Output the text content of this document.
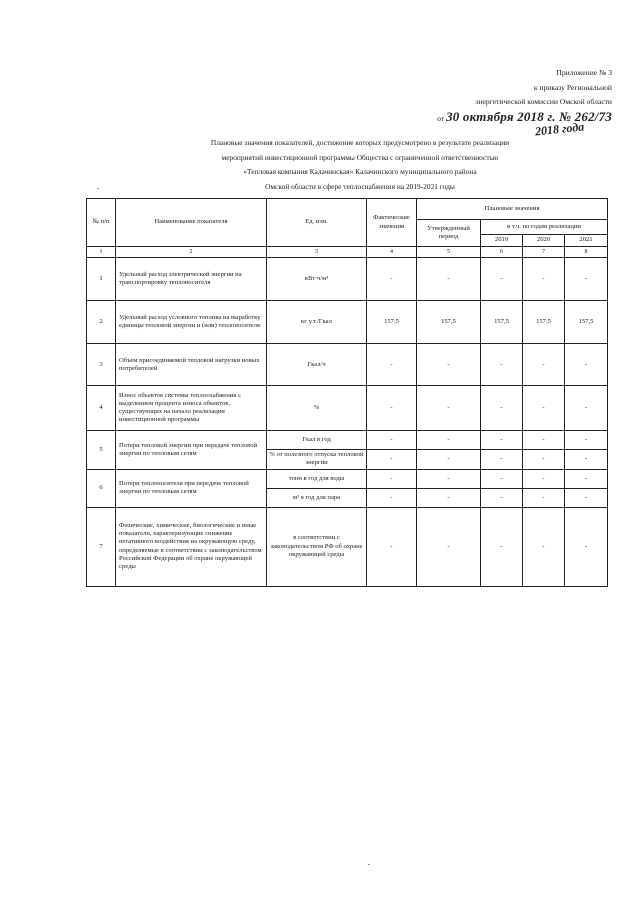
Приложение № 3
к приказу Региональной
энергетической комиссии Омской области
от 30 октября 2018 г. № 262/73
2018 года
Плановые значения показателей, достижение которых предусмотрено в результате реализации
мероприятий инвестиционной программы Общества с ограниченной ответственностью
«Тепловая компания Калачинская» Калачинского муниципального района
Омской области в сфере теплоснабжения на 2019-2021 годы
№ п/п	Наименование показателя	Ед. изм.	Фактические значения	Плановые значения			
				Утвержденный период	в т.ч. по годам реализации		
					2019	2020	2021
1	2	3	4	5	6	7	8
1	Удельный расход электрической энергии на транспортировку теплоносителя	кВт ч/м³	-	-	-	-	-
2	Удельный расход условного топлива на выработку единицы тепловой энергии и (или) теплоносителя	кг у.т./Гкал	157,5	157,5	157,5	157,5	157,5
3	Объем присоединяемой тепловой нагрузки новых потребителей	Гкал/ч	-	-	-	-	-
4	Износ объектов системы теплоснабжения с выделением процента износа объектов, существующих на начало реализации инвестиционной программы	%	-	-	-	-	-
5	Потери тепловой энергии при передаче тепловой энергии по тепловым сетям	Гкал в год	-	-	-	-	-
		% от полезного отпуска тепловой энергии	-	-	-	-	-
6	Потери теплоносителя при передаче тепловой энергии по тепловым сетям	тонн в год для воды	-	-	-	-	-
		м³ в год для пара	-	-	-	-	-
7	Физические, химические, биологические и иные показатели, характеризующие снижение негативного воздействия на окружающую среду, определяемые в соответствии с законодательством Российской Федерации об охране окружающей среды	в соответствии с законодательством РФ об охране окружающей среды	-	-	-	-	-
